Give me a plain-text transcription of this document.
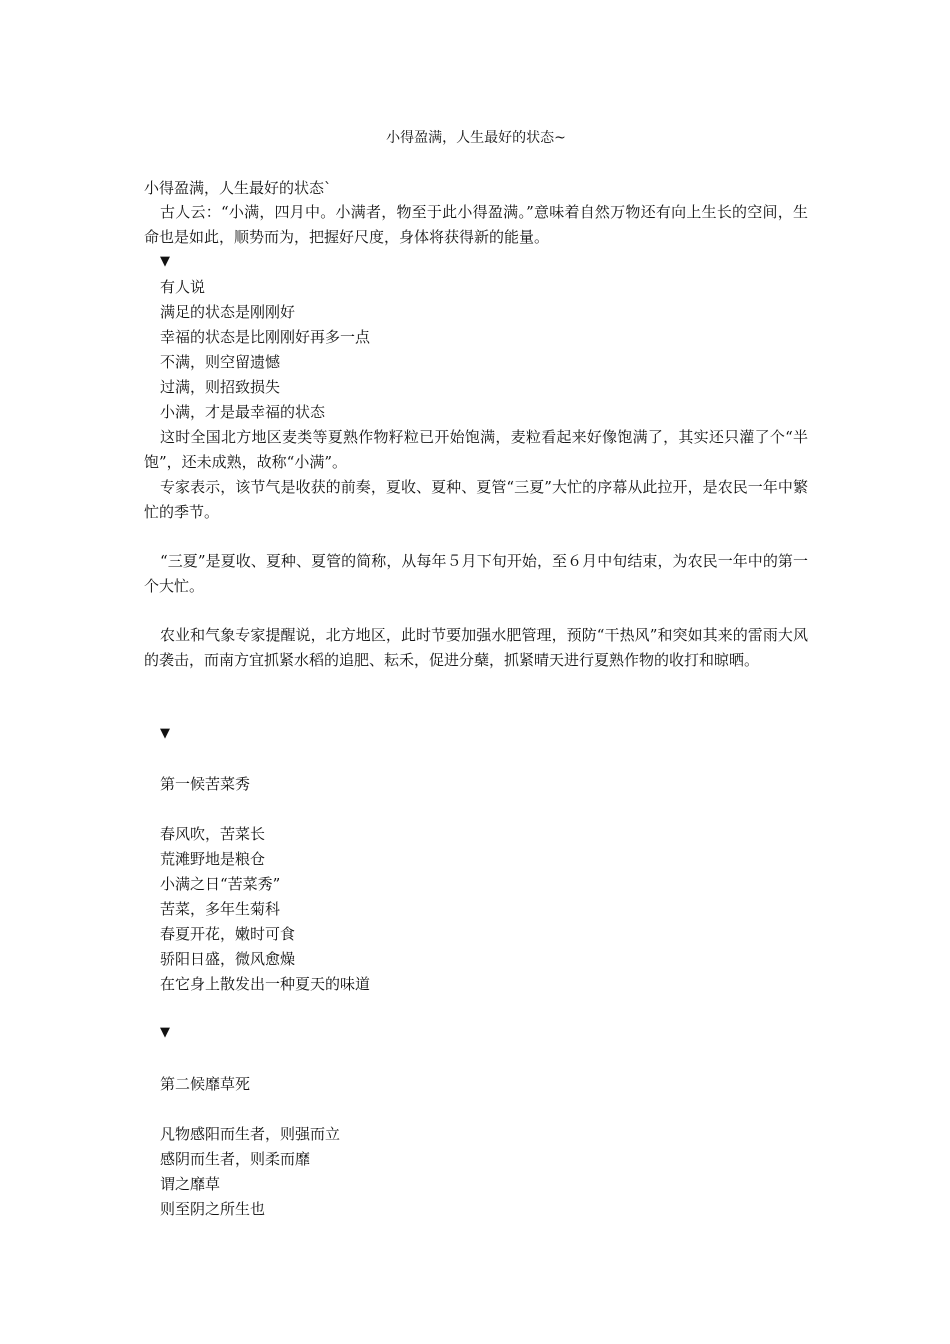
小得盈满，人生最好的状态~
小得盈满，人生最好的状态`
古人云：“小满，四月中。小满者，物至于此小得盈满。”意味着自然万物还有向上生长的空间，生命也是如此，顺势而为，把握好尺度，身体将获得新的能量。
▼
有人说
满足的状态是刚刚好
幸福的状态是比刚刚好再多一点
不满，则空留遗憾
过满，则招致损失
小满，才是最幸福的状态
这时全国北方地区麦类等夏熟作物籽粒已开始饱满，麦粒看起来好像饱满了，其实还只灌了个“半饱”，还未成熟，故称“小满”。
专家表示，该节气是收获的前奏，夏收、夏种、夏管“三夏”大忙的序幕从此拉开，是农民一年中繁忙的季节。
“三夏”是夏收、夏种、夏管的简称，从每年５月下旬开始，至６月中旬结束，为农民一年中的第一个大忙。
农业和气象专家提醒说，北方地区，此时节要加强水肥管理，预防“干热风”和突如其来的雷雨大风的袭击，而南方宜抓紧水稻的追肥、耘禾，促进分蘖，抓紧晴天进行夏熟作物的收打和晾晒。
▼
第一候苦菜秀
春风吹，苦菜长
荒滩野地是粮仓
小满之日“苦菜秀”
苦菜，多年生菊科
春夏开花，嫩时可食
骄阳日盛，微风愈燥
在它身上散发出一种夏天的味道
▼
第二候靡草死
凡物感阳而生者，则强而立
感阴而生者，则柔而靡
谓之靡草
则至阴之所生也
